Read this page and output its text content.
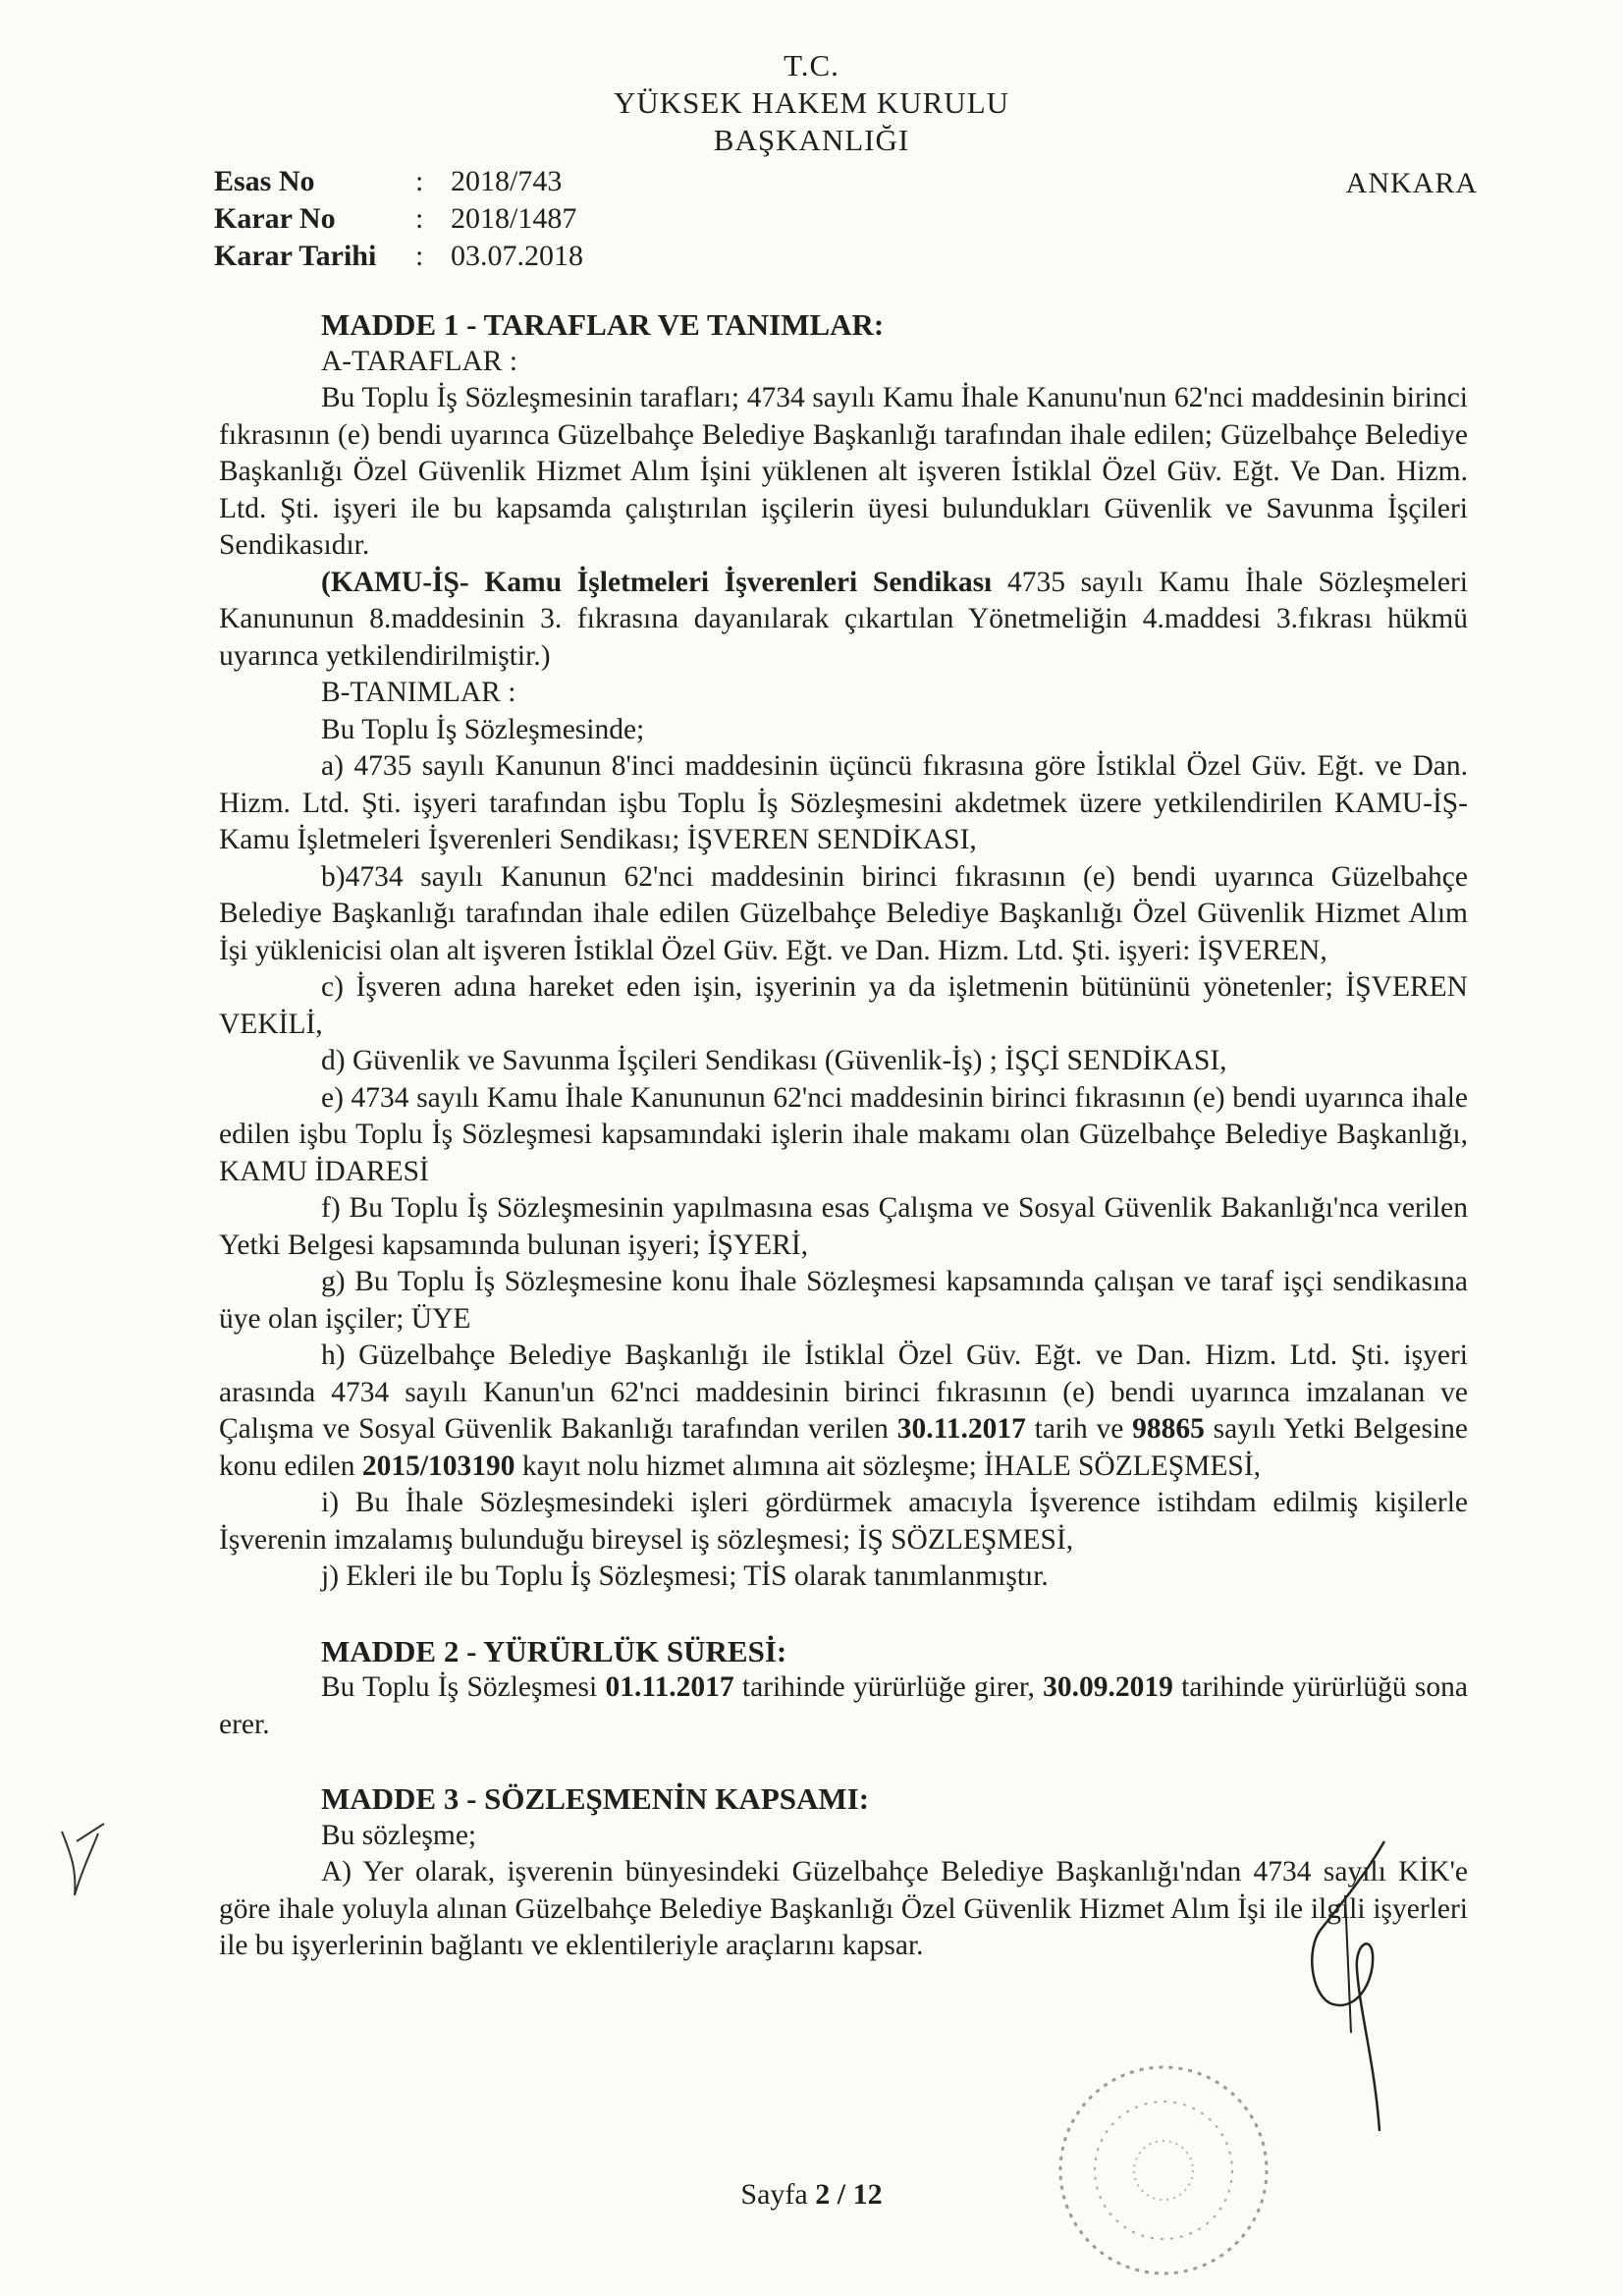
T.C.
YÜKSEK HAKEM KURULU
BAŞKANLIĞI
Esas No	: 2018/743
Karar No	: 2018/1487
Karar Tarihi	: 03.07.2018
ANKARA
MADDE 1 - TARAFLAR VE TANIMLAR:
A-TARAFLAR :

Bu Toplu İş Sözleşmesinin tarafları; 4734 sayılı Kamu İhale Kanunu'nun 62'nci maddesinin birinci fıkrasının (e) bendi uyarınca Güzelbahçe Belediye Başkanlığı tarafından ihale edilen; Güzelbahçe Belediye Başkanlığı Özel Güvenlik Hizmet Alım İşini yüklenen alt işveren İstiklal Özel Güv. Eğt. Ve Dan. Hizm. Ltd. Şti. işyeri ile bu kapsamda çalıştırılan işçilerin üyesi bulundukları Güvenlik ve Savunma İşçileri Sendikasıdır.

(KAMU-İŞ- Kamu İşletmeleri İşverenleri Sendikası 4735 sayılı Kamu İhale Sözleşmeleri Kanununun 8.maddesinin 3. fıkrasına dayanılarak çıkartılan Yönetmeliğin 4.maddesi 3.fıkrası hükmü uyarınca yetkilendirilmiştir.)

B-TANIMLAR :
Bu Toplu İş Sözleşmesinde;

a) 4735 sayılı Kanunun 8'inci maddesinin üçüncü fıkrasına göre İstiklal Özel Güv. Eğt. ve Dan. Hizm. Ltd. Şti. işyeri tarafından işbu Toplu İş Sözleşmesini akdetmek üzere yetkilendirilen KAMU-İŞ- Kamu İşletmeleri İşverenleri Sendikası; İŞVEREN SENDİKASI,

b)4734 sayılı Kanunun 62'nci maddesinin birinci fıkrasının (e) bendi uyarınca Güzelbahçe Belediye Başkanlığı tarafından ihale edilen Güzelbahçe Belediye Başkanlığı Özel Güvenlik Hizmet Alım İşi yüklenicisi olan alt işveren İstiklal Özel Güv. Eğt. ve Dan. Hizm. Ltd. Şti. işyeri: İŞVEREN,

c) İşveren adına hareket eden işin, işyerinin ya da işletmenin bütününü yönetenler; İŞVEREN VEKİLİ,

d) Güvenlik ve Savunma İşçileri Sendikası (Güvenlik-İş) ; İŞÇİ SENDİKASI,

e) 4734 sayılı Kamu İhale Kanununun 62'nci maddesinin birinci fıkrasının (e) bendi uyarınca ihale edilen işbu Toplu İş Sözleşmesi kapsamındaki işlerin ihale makamı olan Güzelbahçe Belediye Başkanlığı, KAMU İDARESİ

f) Bu Toplu İş Sözleşmesinin yapılmasına esas Çalışma ve Sosyal Güvenlik Bakanlığı'nca verilen Yetki Belgesi kapsamında bulunan işyeri; İŞYERİ,

g) Bu Toplu İş Sözleşmesine konu İhale Sözleşmesi kapsamında çalışan ve taraf işçi sendikasına üye olan işçiler; ÜYE

h) Güzelbahçe Belediye Başkanlığı ile İstiklal Özel Güv. Eğt. ve Dan. Hizm. Ltd. Şti. işyeri arasında 4734 sayılı Kanun'un 62'nci maddesinin birinci fıkrasının (e) bendi uyarınca imzalanan ve Çalışma ve Sosyal Güvenlik Bakanlığı tarafından verilen 30.11.2017 tarih ve 98865 sayılı Yetki Belgesine konu edilen 2015/103190 kayıt nolu hizmet alımına ait sözleşme; İHALE SÖZLEŞMESİ,

i) Bu İhale Sözleşmesindeki işleri gördürmek amacıyla İşverence istihdam edilmiş kişilerle İşverenin imzalamış bulunduğu bireysel iş sözleşmesi; İŞ SÖZLEŞMESİ,

j) Ekleri ile bu Toplu İş Sözleşmesi; TİS olarak tanımlanmıştır.

MADDE 2 - YÜRÜRLÜK SÜRESİ:

Bu Toplu İş Sözleşmesi 01.11.2017 tarihinde yürürlüğe girer, 30.09.2019 tarihinde yürürlüğü sona erer.

MADDE 3 - SÖZLEŞMENİN KAPSAMI:
Bu sözleşme;

A) Yer olarak, işverenin bünyesindeki Güzelbahçe Belediye Başkanlığı'ndan 4734 sayılı KİK'e göre ihale yoluyla alınan Güzelbahçe Belediye Başkanlığı Özel Güvenlik Hizmet Alım İşi ile ilgili işyerleri ile bu işyerlerinin bağlantı ve eklentileriyle araçlarını kapsar.

Sayfa 2 / 12
